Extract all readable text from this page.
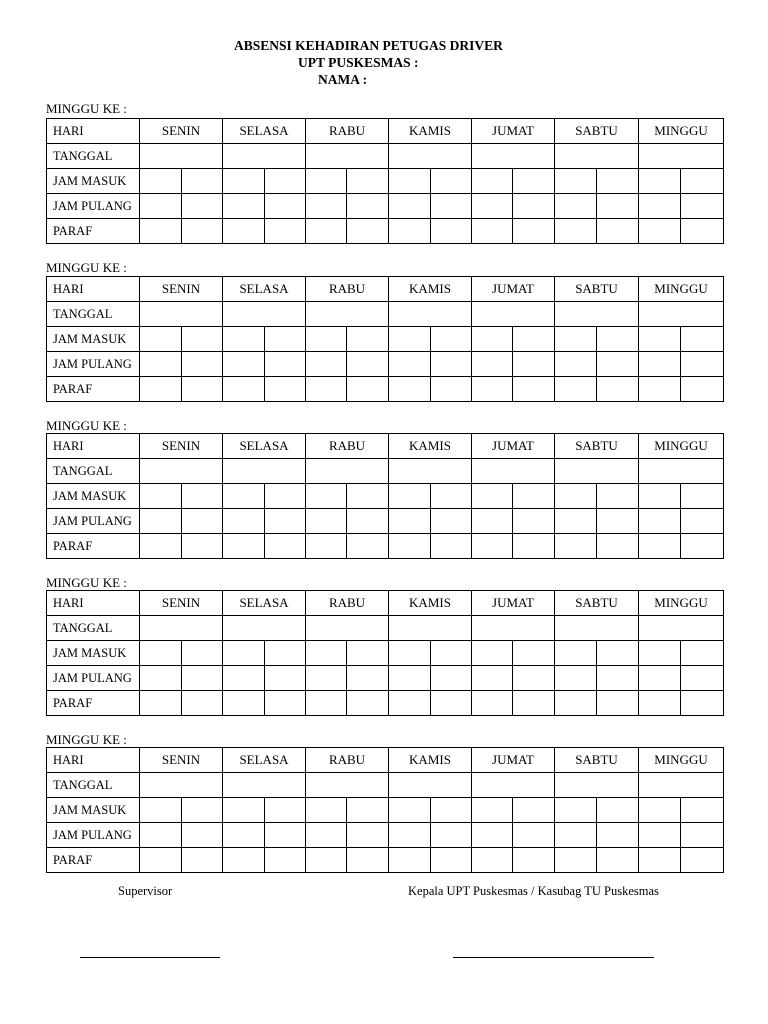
ABSENSI KEHADIRAN PETUGAS DRIVER
UPT PUSKESMAS :
NAMA :
MINGGU KE :
HARI	SENIN		SELASA		RABU		KAMIS		JUMAT		SABTU		MINGGU	
TANGGAL														
JAM MASUK														
JAM PULANG														
PARAF														
MINGGU KE :
HARI	SENIN		SELASA		RABU		KAMIS		JUMAT		SABTU		MINGGU	
TANGGAL														
JAM MASUK														
JAM PULANG														
PARAF														
MINGGU KE :
HARI	SENIN		SELASA		RABU		KAMIS		JUMAT		SABTU		MINGGU	
TANGGAL														
JAM MASUK														
JAM PULANG														
PARAF														
MINGGU KE :
HARI	SENIN		SELASA		RABU		KAMIS		JUMAT		SABTU		MINGGU	
TANGGAL														
JAM MASUK														
JAM PULANG														
PARAF														
MINGGU KE :
HARI	SENIN		SELASA		RABU		KAMIS		JUMAT		SABTU		MINGGU	
TANGGAL														
JAM MASUK														
JAM PULANG														
PARAF														
Supervisor	Kepala UPT Puskesmas / Kasubag TU Puskesmas
